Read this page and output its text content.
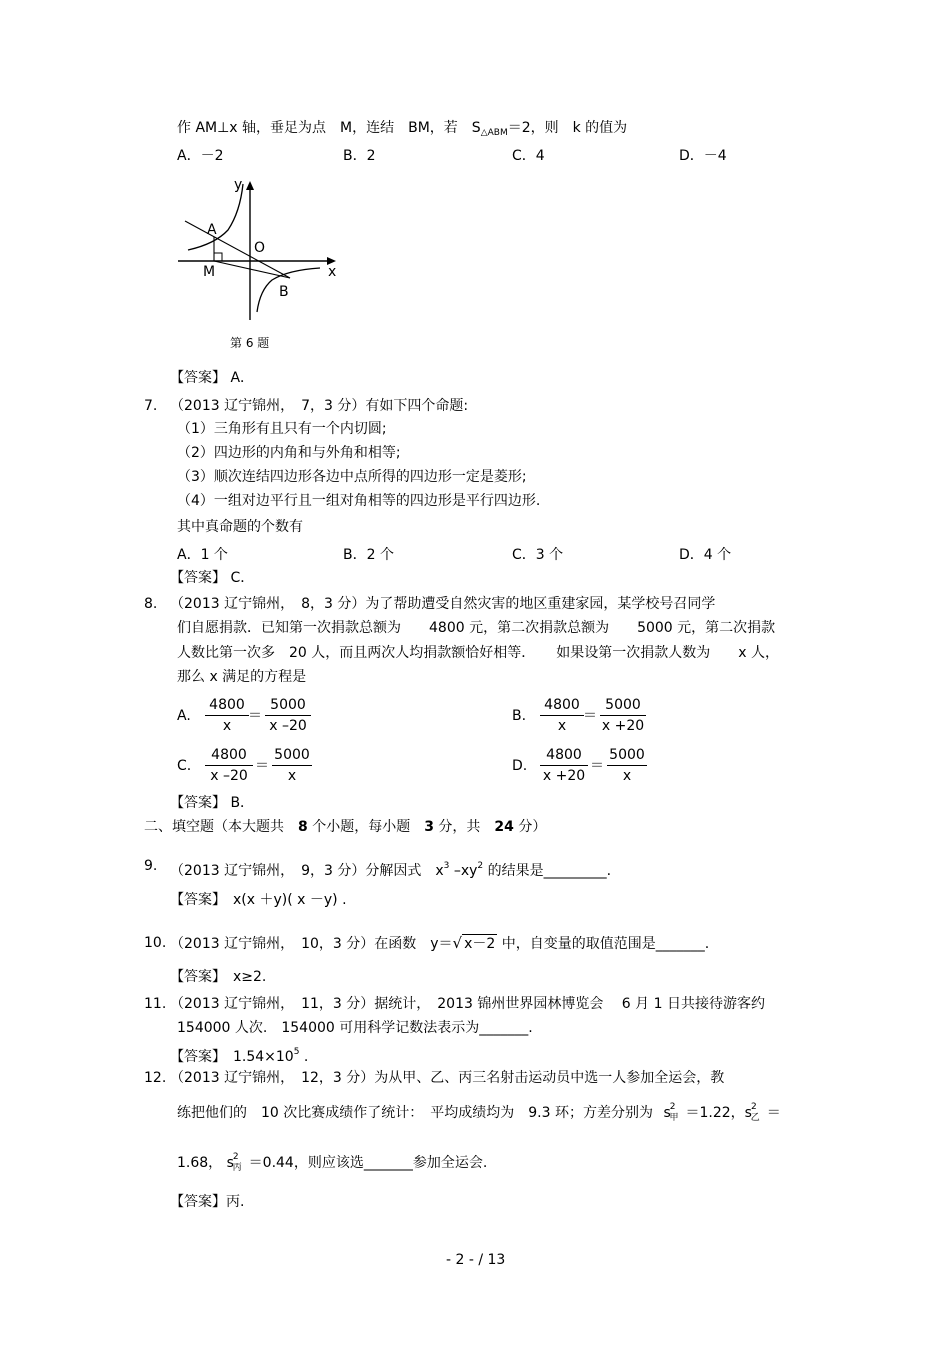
作 AM⊥x 轴，垂足为点　M，连结　BM，若　$S_{\triangle ABM}=2$，则　k 的值为
A．－2	B．2	C．4	D．－4
y
x
O
A
M
B
第 6 题
【答案】 A．
7. （2013 辽宁锦州，　7，3 分）有如下四个命题:
（1）三角形有且只有一个内切圆;
（2）四边形的内角和与外角和相等;
（3）顺次连结四边形各边中点所得的四边形一定是菱形;
（4）一组对边平行且一组对角相等的四边形是平行四边形.
其中真命题的个数有
A．1 个	B．2 个	C．3 个	D．4 个
【答案】 C．
8. （2013 辽宁锦州，　8，3 分）为了帮助遭受自然灾害的地区重建家园，某学校号召同学
们自愿捐款．已知第一次捐款总额为　　4800 元，第二次捐款总额为　　5000 元，第二次捐款
人数比第一次多　20 人，而且两次人均捐款额恰好相等．　　如果设第一次捐款人数为　　x 人，
那么 x 满足的方程是
A. $\frac{4800}{x} = \frac{5000}{x -20}$	B. $\frac{4800}{x} = \frac{5000}{x +20}$
C. $\frac{4800}{x -20} = \frac{5000}{x}$	D. $\frac{4800}{x +20} = \frac{5000}{x}$
【答案】 B．
二、填空题（本大题共　8 个小题，每小题　3 分，共　24 分）
9. （2013 辽宁锦州，　9，3 分）分解因式　$x^3$ $-xy^2$ 的结果是_________.
【答案】　x(x ＋y)( x －y) .
10. （2013 辽宁锦州，　10，3 分）在函数　y＝√ x－2 中，自变量的取值范围是_______.
【答案】　x≥2.
11. （2013 辽宁锦州，　11，3 分）据统计，　2013 锦州世界园林博览会　 6 月 1 日共接待游客约
154000 人次.　154000 可用科学记数法表示为_______.
【答案】　$1.54\times 10^5$ .
12. （2013 辽宁锦州，　12，3 分）为从甲、乙、丙三名射击运动员中选一人参加全运会，教
练把他们的　10 次比赛成绩作了统计：　平均成绩均为　9.3 环；方差分别为 $s^2_甲 =1.22$，$s^2_乙$ ＝
1.68， $s^2_丙 =0.44$，则应该选_______参加全运会.
【答案】丙.
- 2 - / 13
